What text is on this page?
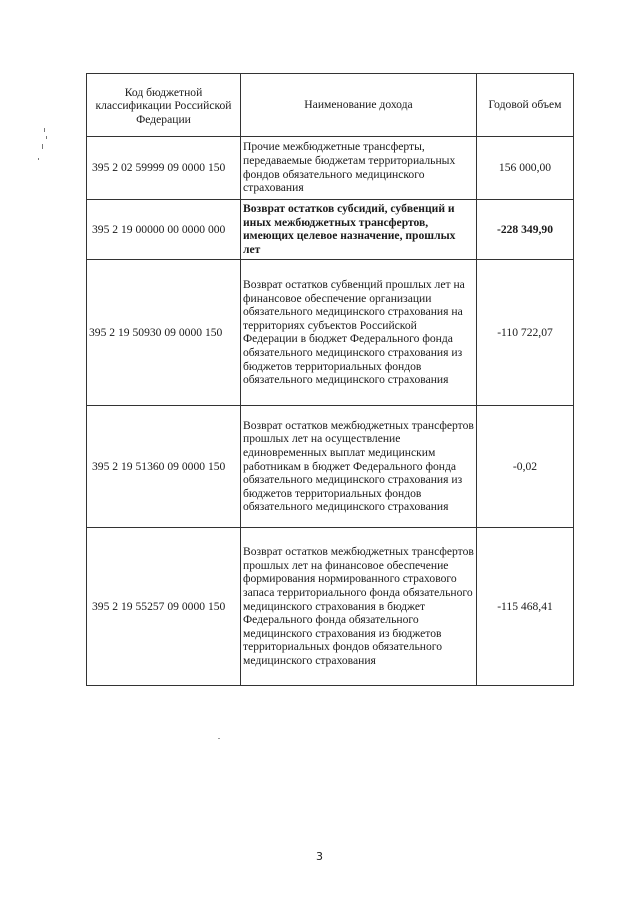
Код бюджетной классификации Российской Федерации	Наименование дохода	Годовой объем
395 2 02 59999 09 0000 150	Прочие межбюджетные трансферты, передаваемые бюджетам территориальных фондов обязательного медицинского страхования	156 000,00
395 2 19 00000 00 0000 000	Возврат остатков субсидий, субвенций и иных межбюджетных трансфертов, имеющих целевое назначение, прошлых лет	-228 349,90
395 2 19 50930 09 0000 150	Возврат остатков субвенций прошлых лет на финансовое обеспечение организации обязательного медицинского страхования на территориях субъектов Российской Федерации в бюджет Федерального фонда обязательного медицинского страхования из бюджетов территориальных фондов обязательного медицинского страхования	-110 722,07
395 2 19 51360 09 0000 150	Возврат остатков межбюджетных трансфертов прошлых лет на осуществление единовременных выплат медицинским работникам в бюджет Федерального фонда обязательного медицинского страхования из бюджетов территориальных фондов обязательного медицинского страхования	-0,02
395 2 19 55257 09 0000 150	Возврат остатков межбюджетных трансфертов прошлых лет на финансовое обеспечение формирования нормированного страхового запаса территориального фонда обязательного медицинского страхования в бюджет Федерального фонда обязательного медицинского страхования из бюджетов территориальных фондов обязательного медицинского страхования	-115 468,41
3
